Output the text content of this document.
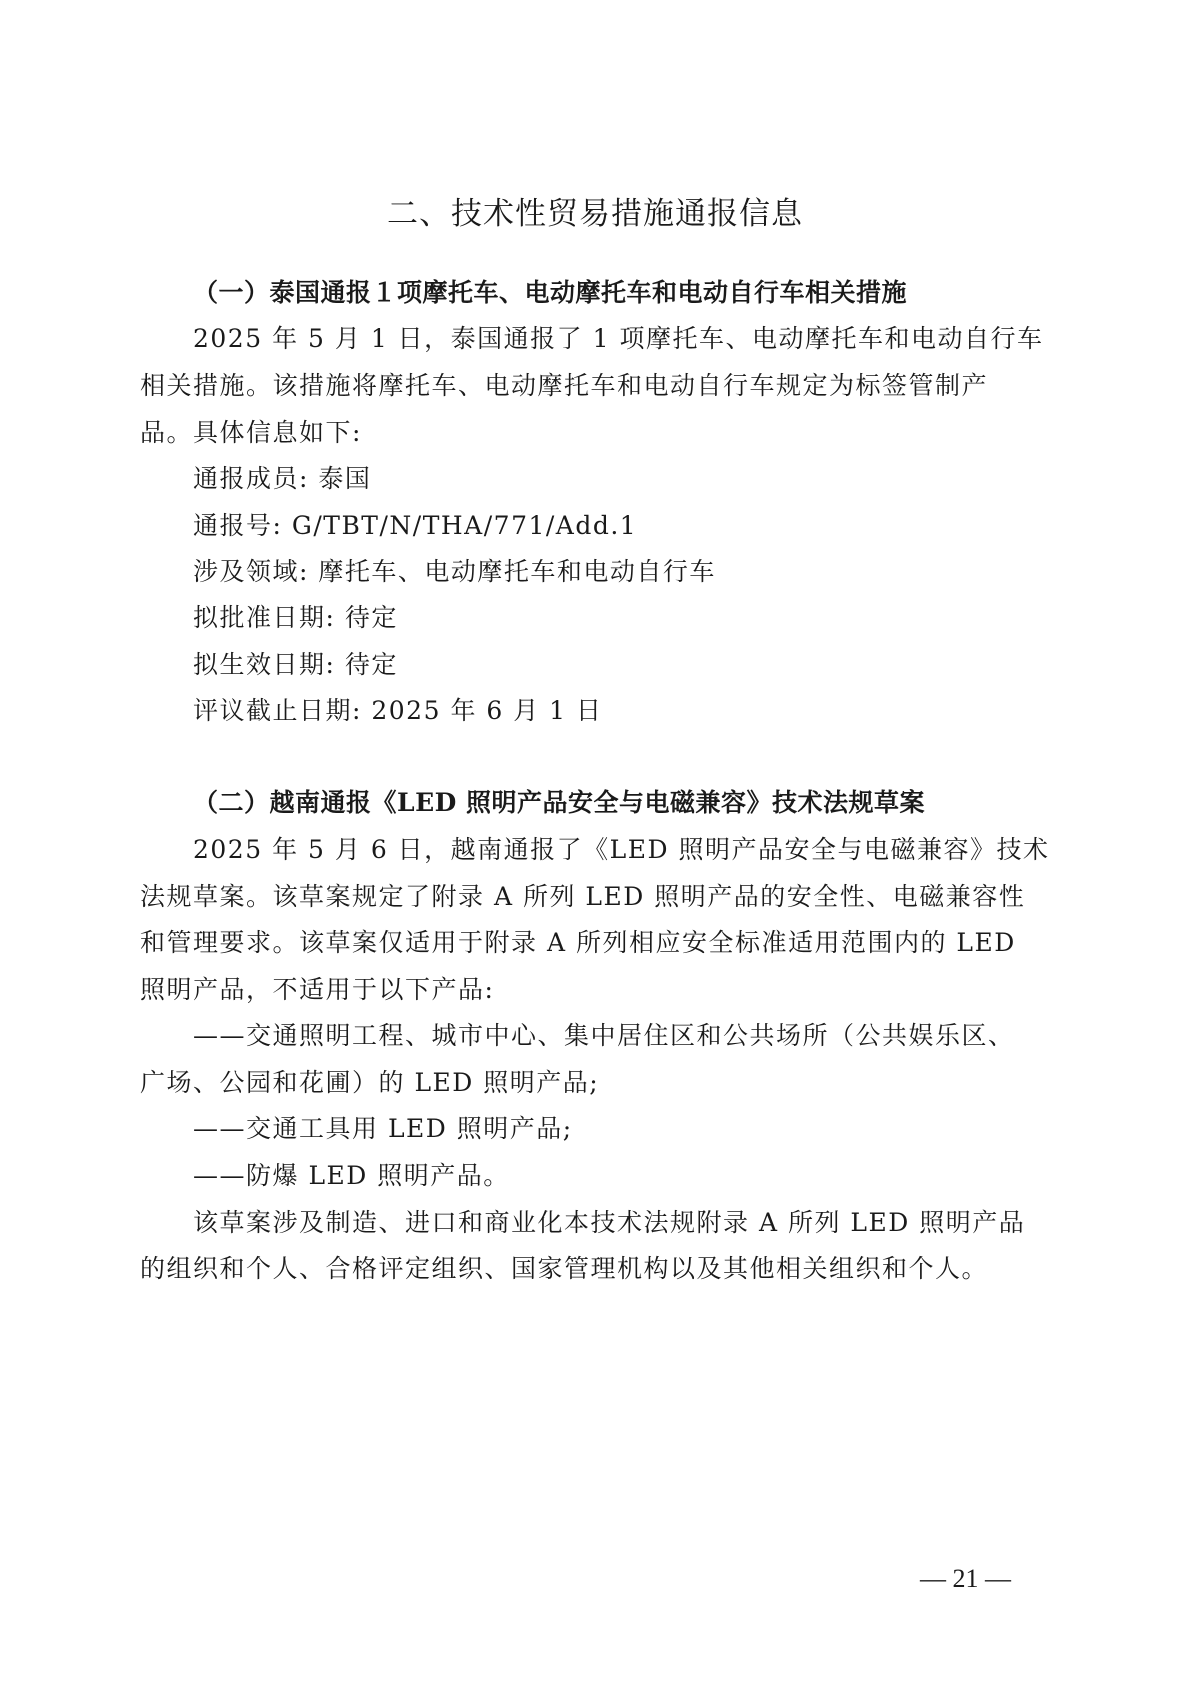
二、技术性贸易措施通报信息

（一）泰国通报１项摩托车、电动摩托车和电动自行车相关措施

2025 年 5 月 1 日，泰国通报了 1 项摩托车、电动摩托车和电动自行车

相关措施。该措施将摩托车、电动摩托车和电动自行车规定为标签管制产

品。具体信息如下:

通报成员: 泰国

通报号: G/TBT/N/THA/771/Add.1

涉及领域: 摩托车、电动摩托车和电动自行车

拟批准日期: 待定

拟生效日期: 待定

评议截止日期: 2025 年 6 月 1 日

（二）越南通报《LED 照明产品安全与电磁兼容》技术法规草案

2025 年 5 月 6 日，越南通报了《LED 照明产品安全与电磁兼容》技术

法规草案。该草案规定了附录 A 所列 LED 照明产品的安全性、电磁兼容性

和管理要求。该草案仅适用于附录 A 所列相应安全标准适用范围内的 LED

照明产品，不适用于以下产品:

——交通照明工程、城市中心、集中居住区和公共场所（公共娱乐区、

广场、公园和花圃）的 LED 照明产品;

——交通工具用 LED 照明产品;

——防爆 LED 照明产品。

该草案涉及制造、进口和商业化本技术法规附录 A 所列 LED 照明产品

的组织和个人、合格评定组织、国家管理机构以及其他相关组织和个人。

— 21 —
